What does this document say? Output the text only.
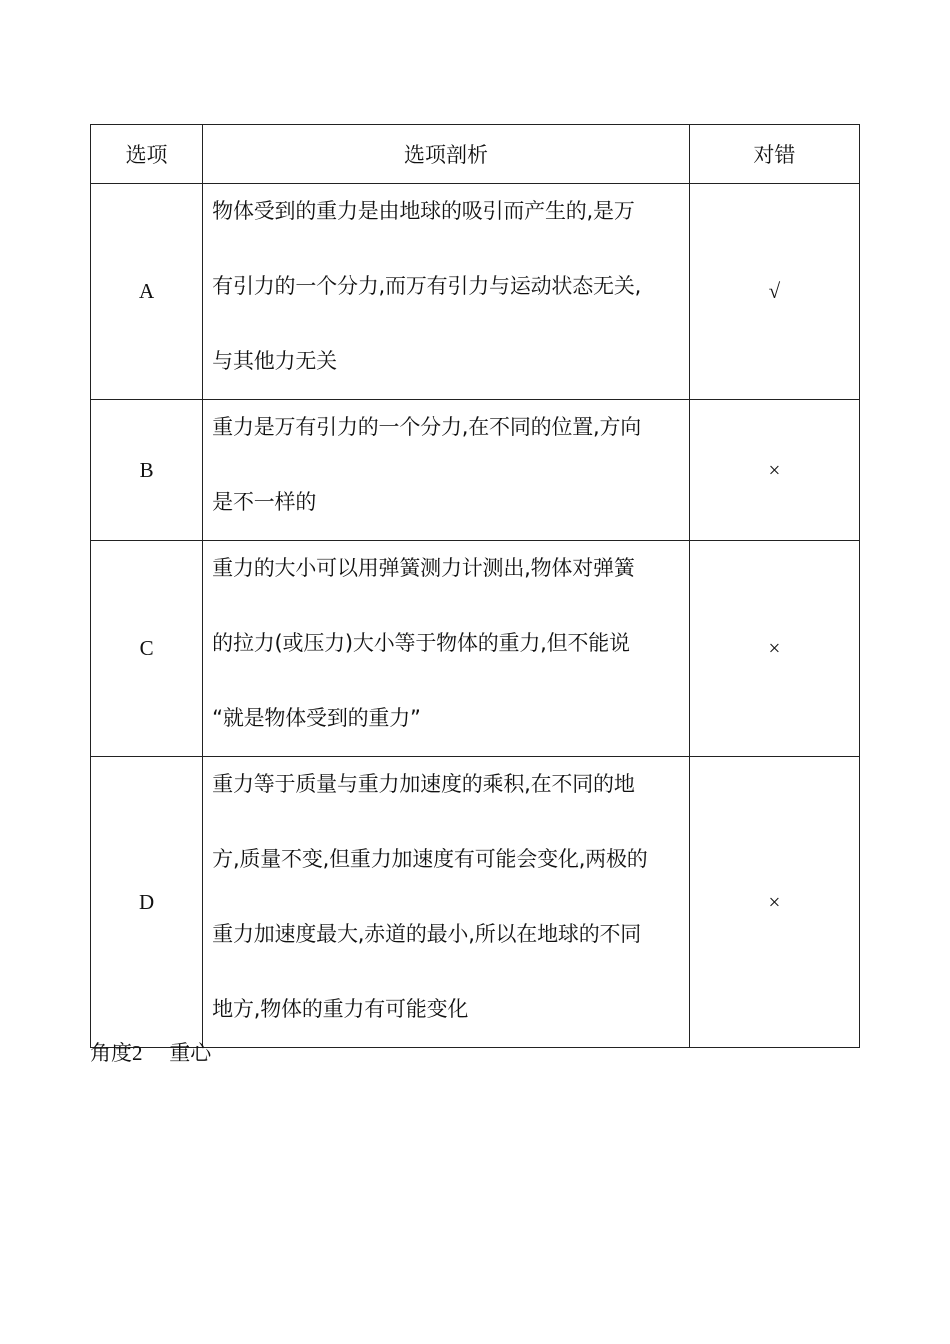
选项	选项剖析	对错
A	物体受到的重力是由地球的吸引而产生的,是万
有引力的一个分力,而万有引力与运动状态无关,
与其他力无关	√
B	重力是万有引力的一个分力,在不同的位置,方向
是不一样的	×
C	重力的大小可以用弹簧测力计测出,物体对弹簧
的拉力(或压力)大小等于物体的重力,但不能说
“就是物体受到的重力”	×
D	重力等于质量与重力加速度的乘积,在不同的地
方,质量不变,但重力加速度有可能会变化,两极的
重力加速度最大,赤道的最小,所以在地球的不同
地方,物体的重力有可能变化	×
角度2 重心
